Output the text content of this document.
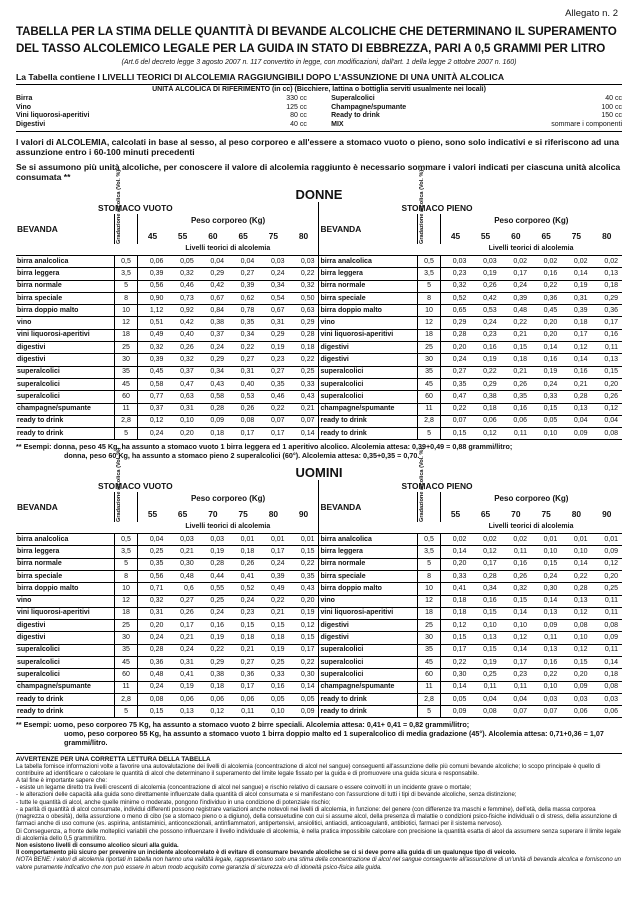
Allegato n. 2
TABELLA PER LA STIMA DELLE QUANTITÀ DI BEVANDE ALCOLICHE CHE DETERMINANO IL SUPERAMENTO
DEL TASSO ALCOLEMICO LEGALE PER LA GUIDA IN STATO DI EBBREZZA, PARI A 0,5 GRAMMI PER LITRO
(Art.6 del decreto legge 3 agosto 2007 n. 117 convertito in legge, con modificazioni, dall'art. 1 della legge 2 ottobre 2007 n. 160)
La Tabella contiene I LIVELLI TEORICI DI ALCOLEMIA RAGGIUNGIBILI DOPO L'ASSUNZIONE DI UNA UNITÀ ALCOLICA
UNITÀ ALCOLICA DI RIFERIMENTO (in cc) (Bicchiere, lattina o bottiglia serviti usualmente nei locali)
Birra	330 cc
Vino	125 cc
Vini liquorosi-aperitivi	80 cc
Digestivi	40 cc
Superalcolici	40 cc
Champagne/spumante	100 cc
Ready to drink	150 cc
MIX	sommare i componenti
I valori di ALCOLEMIA, calcolati in base al sesso, al peso corporeo e all'essere a stomaco vuoto o pieno, sono solo indicativi e si riferiscono ad una assunzione entro i 60-100 minuti precedenti
Se si assumono più unità alcoliche, per conoscere il valore di alcolemia raggiunto è necessario sommare i valori indicati per ciascuna unità alcolica consumata **
DONNE
STOMACO VUOTO								STOMACO PIENO							
BEVANDA	Gradazione alcolica (Vol. %)	Peso corporeo (Kg)						BEVANDA	Gradazione alcolica (Vol. %)	Peso corporeo (Kg)					
		45	55	60	65	75	80			45	55	60	65	75	80
		Livelli teorici di alcolemia								Livelli teorici di alcolemia					
birra analcolica	0,5	0,06	0,05	0,04	0,04	0,03	0,03	birra analcolica	0,5	0,03	0,03	0,02	0,02	0,02	0,02
birra leggera	3,5	0,39	0,32	0,29	0,27	0,24	0,22	birra leggera	3,5	0,23	0,19	0,17	0,16	0,14	0,13
birra normale	5	0,56	0,46	0,42	0,39	0,34	0,32	birra normale	5	0,32	0,26	0,24	0,22	0,19	0,18
birra speciale	8	0,90	0,73	0,67	0,62	0,54	0,50	birra speciale	8	0,52	0,42	0,39	0,36	0,31	0,29
birra doppio malto	10	1,12	0,92	0,84	0,78	0,67	0,63	birra doppio malto	10	0,65	0,53	0,48	0,45	0,39	0,36
vino	12	0,51	0,42	0,38	0,35	0,31	0,29	vino	12	0,29	0,24	0,22	0,20	0,18	0,17
vini liquorosi-aperitivi	18	0,49	0,40	0,37	0,34	0,29	0,28	vini liquorosi-aperitivi	18	0,28	0,23	0,21	0,20	0,17	0,16
digestivi	25	0,32	0,26	0,24	0,22	0,19	0,18	digestivi	25	0,20	0,16	0,15	0,14	0,12	0,11
digestivi	30	0,39	0,32	0,29	0,27	0,23	0,22	digestivi	30	0,24	0,19	0,18	0,16	0,14	0,13
superalcolici	35	0,45	0,37	0,34	0,31	0,27	0,25	superalcolici	35	0,27	0,22	0,21	0,19	0,16	0,15
superalcolici	45	0,58	0,47	0,43	0,40	0,35	0,33	superalcolici	45	0,35	0,29	0,26	0,24	0,21	0,20
superalcolici	60	0,77	0,63	0,58	0,53	0,46	0,43	superalcolici	60	0,47	0,38	0,35	0,33	0,28	0,26
champagne/spumante	11	0,37	0,31	0,28	0,26	0,22	0,21	champagne/spumante	11	0,22	0,18	0,16	0,15	0,13	0,12
ready to drink	2,8	0,12	0,10	0,09	0,08	0,07	0,07	ready to drink	2,8	0,07	0,06	0,06	0,05	0,04	0,04
ready to drink	5	0,24	0,20	0,18	0,17	0,17	0,14	ready to drink	5	0,15	0,12	0,11	0,10	0,09	0,08
** Esempi: donna, peso 45 Kg, ha assunto a stomaco vuoto 1 birra leggera ed 1 aperitivo alcolico. Alcolemia attesa: 0,39+0,49 = 0,88 grammi/litro;
donna, peso 60 Kg, ha assunto a stomaco pieno 2 superalcolici (60°). Alcolemia attesa: 0,35+0,35 = 0,70.
UOMINI
STOMACO VUOTO								STOMACO PIENO							
BEVANDA	Gradazione alcolica (Vol. %)	Peso corporeo (Kg)						BEVANDA	Gradazione alcolica (Vol. %)	Peso corporeo (Kg)					
		55	65	70	75	80	90			55	65	70	75	80	90
		Livelli teorici di alcolemia								Livelli teorici di alcolemia					
birra analcolica	0,5	0,04	0,03	0,03	0,01	0,01	0,01	birra analcolica	0,5	0,02	0,02	0,02	0,01	0,01	0,01
birra leggera	3,5	0,25	0,21	0,19	0,18	0,17	0,15	birra leggera	3,5	0,14	0,12	0,11	0,10	0,10	0,09
birra normale	5	0,35	0,30	0,28	0,26	0,24	0,22	birra normale	5	0,20	0,17	0,16	0,15	0,14	0,12
birra speciale	8	0,56	0,48	0,44	0,41	0,39	0,35	birra speciale	8	0,33	0,28	0,26	0,24	0,22	0,20
birra doppio malto	10	0,71	0,6	0,55	0,52	0,49	0,43	birra doppio malto	10	0,41	0,34	0,32	0,30	0,28	0,25
vino	12	0,32	0,27	0,25	0,24	0,22	0,20	vino	12	0,18	0,16	0,15	0,14	0,13	0,11
vini liquorosi-aperitivi	18	0,31	0,26	0,24	0,23	0,21	0,19	vini liquorosi-aperitivi	18	0,18	0,15	0,14	0,13	0,12	0,11
digestivi	25	0,20	0,17	0,16	0,15	0,15	0,12	digestivi	25	0,12	0,10	0,10	0,09	0,08	0,08
digestivi	30	0,24	0,21	0,19	0,18	0,18	0,15	digestivi	30	0,15	0,13	0,12	0,11	0,10	0,09
superalcolici	35	0,28	0,24	0,22	0,21	0,19	0,17	superalcolici	35	0,17	0,15	0,14	0,13	0,12	0,11
superalcolici	45	0,36	0,31	0,29	0,27	0,25	0,22	superalcolici	45	0,22	0,19	0,17	0,16	0,15	0,14
superalcolici	60	0,48	0,41	0,38	0,36	0,33	0,30	superalcolici	60	0,30	0,25	0,23	0,22	0,20	0,18
champagne/spumante	11	0,24	0,19	0,18	0,17	0,16	0,14	champagne/spumante	11	0,14	0,11	0,11	0,10	0,09	0,08
ready to drink	2,8	0,08	0,06	0,06	0,06	0,05	0,05	ready to drink	2,8	0,05	0,04	0,04	0,03	0,03	0,03
ready to drink	5	0,15	0,13	0,12	0,11	0,10	0,09	ready to drink	5	0,09	0,08	0,07	0,07	0,06	0,06
** Esempi: uomo, peso corporeo 75 Kg, ha assunto a stomaco vuoto 2 birre speciali. Alcolemia attesa: 0,41+ 0,41 = 0,82 grammi/litro;
uomo, peso corporeo 55 Kg, ha assunto a stomaco vuoto 1 birra doppio malto ed 1 superalcolico di media gradazione (45°). Alcolemia attesa: 0,71+0,36 = 1,07 grammi/litro.
AVVERTENZE PER UNA CORRETTA LETTURA DELLA TABELLA
La tabella fornisce informazioni volte a favorire una autovalutazione dei livelli di alcolemia (concentrazione di alcol nel sangue) conseguenti all'assunzione delle più comuni bevande alcoliche; lo scopo principale è quello di contribuire ad identificare o calcolare le quantità di alcol che determinano il superamento del limite legale fissato per la guida e di promuovere una guida sicura e responsabile.
A tal fine è importante sapere che:
- esiste un legame diretto tra livelli crescenti di alcolemia (concentrazione di alcol nel sangue) e rischio relativo di causare o essere coinvolti in un incidente grave o mortale;
- le alterazioni delle capacità alla guida sono direttamente influenzate dalla quantità di alcol consumata e si manifestano con l'assunzione di tutti i tipi di bevande alcoliche, senza distinzione;
- tutte le quantità di alcol, anche quelle minime o moderate, pongono l'individuo in una condizione di potenziale rischio;
- a parità di quantità di alcol consumate, individui differenti possono registrare variazioni anche notevoli nei livelli di alcolemia, in funzione: del genere (con differenze tra maschi e femmine), dell'età, della massa corporea (magrezza o obesità), della assunzione o meno di cibo (se a stomaco pieno o a digiuno), della consuetudine con cui si assume alcol, della presenza di malattie o condizioni psico-fisiche individuali o di stress, della assunzione di farmaci anche di uso comune (es. aspirina, antistaminici, anticoncezionali, antinfiammatori, antipertensivi, ansiolitici, antiacidi, anticoagulanti, antibiotici, farmaci per il sistema nervoso).
Di Conseguenza, a fronte delle molteplici variabili che possono influenzare il livello individuale di alcolemia, è nella pratica impossibile calcolare con precisione la quantità esatta di alcol da assumere senza superare il limite legale di alcolemia dello 0,5 grammi/litro.
Non esistono livelli di consumo alcolico sicuri alla guida.
Il comportamento più sicuro per prevenire un incidente alcolcorrelato è di evitare di consumare bevande alcoliche se ci si deve porre alla guida di un qualunque tipo di veicolo.
NOTA BENE: i valori di alcolemia riportati in tabella non hanno una validità legale, rappresentano solo una stima della concentrazione di alcol nel sangue conseguente all'assunzione di un'unità di bevanda alcolica e forniscono un valore puramente indicativo che non può essere in alcun modo acquisito come garanzia di sicurezza e/o di idoneità psico-fisica alla guida.
